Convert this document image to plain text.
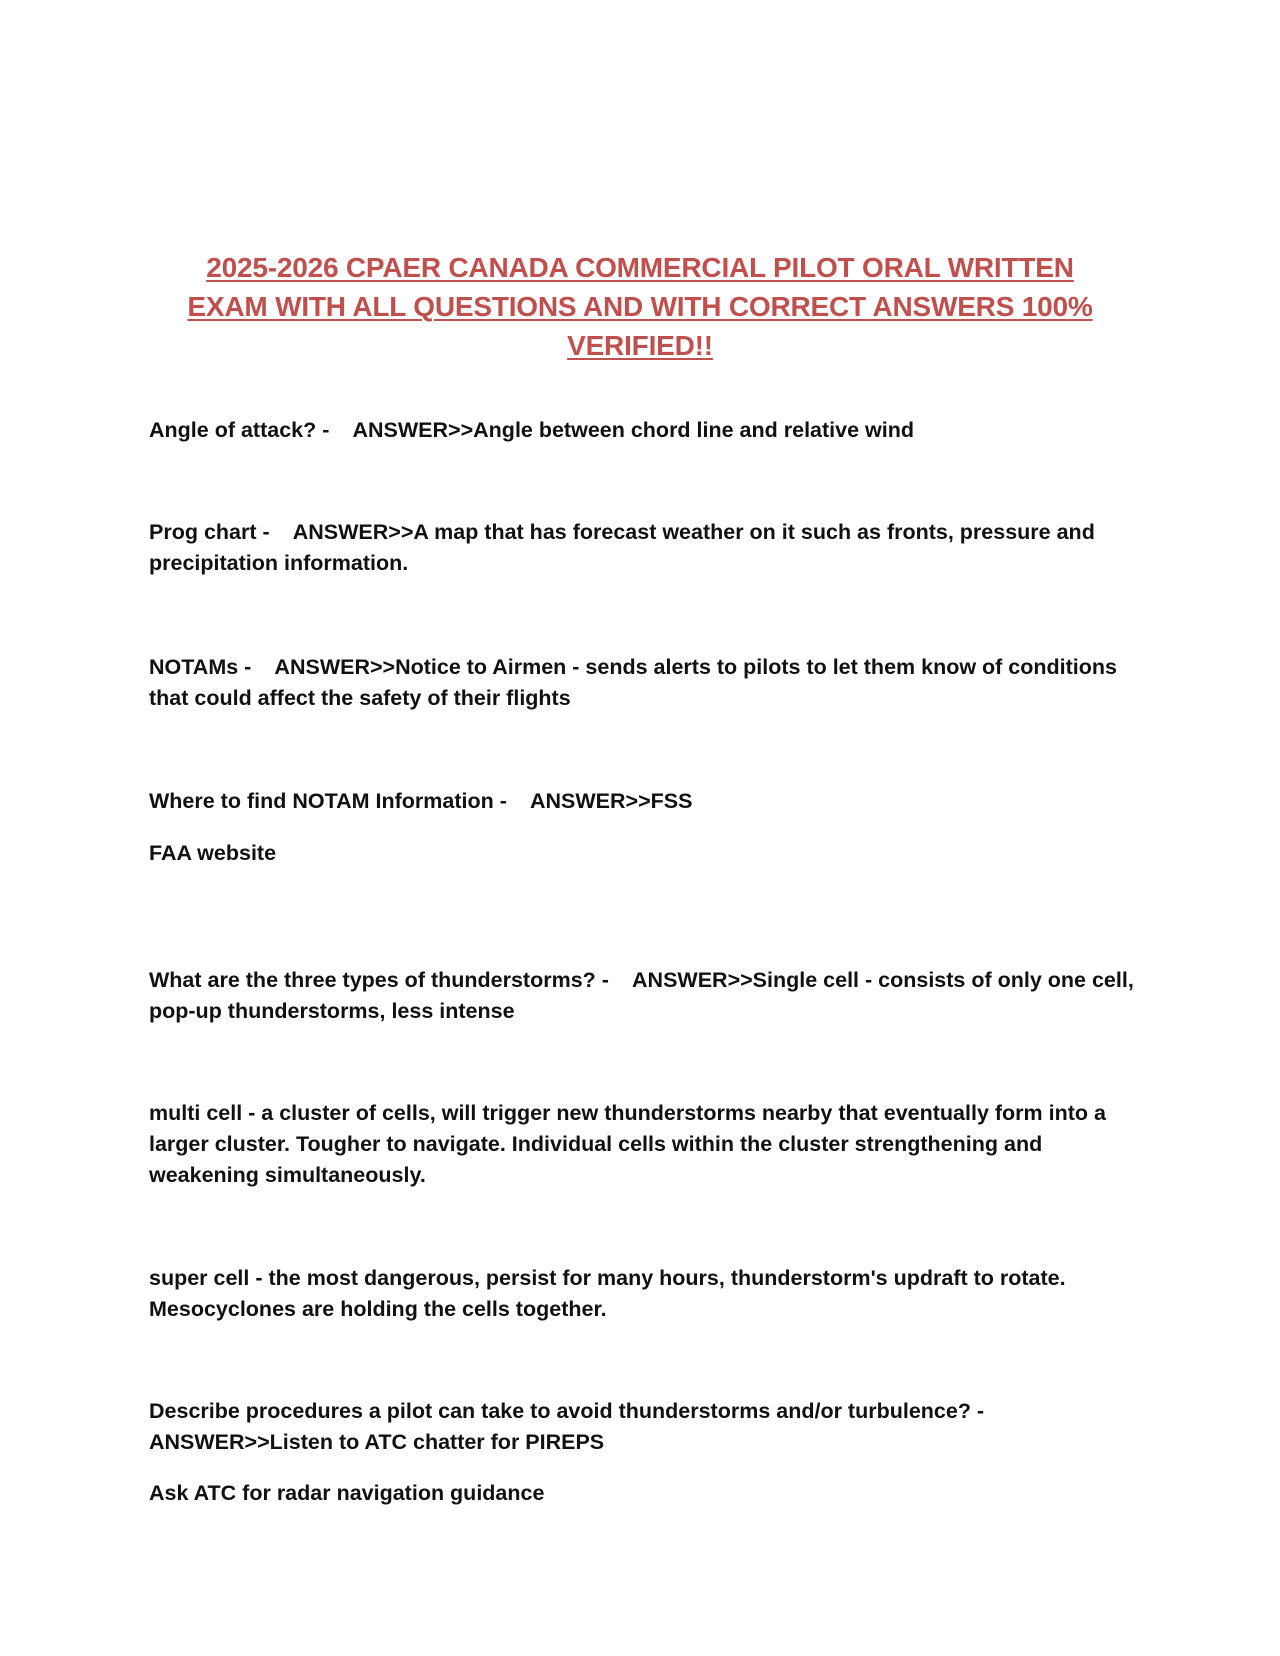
2025-2026 CPAER CANADA COMMERCIAL PILOT ORAL WRITTEN
EXAM WITH ALL QUESTIONS AND WITH CORRECT ANSWERS 100%
VERIFIED!!

Angle of attack? -    ANSWER>>Angle between chord line and relative wind

Prog chart -    ANSWER>>A map that has forecast weather on it such as fronts, pressure and precipitation information.

NOTAMs -    ANSWER>>Notice to Airmen - sends alerts to pilots to let them know of conditions that could affect the safety of their flights

Where to find NOTAM Information -    ANSWER>>FSS

FAA website

What are the three types of thunderstorms? -    ANSWER>>Single cell - consists of only one cell, pop-up thunderstorms, less intense

multi cell - a cluster of cells, will trigger new thunderstorms nearby that eventually form into a larger cluster. Tougher to navigate. Individual cells within the cluster strengthening and weakening simultaneously.

super cell - the most dangerous, persist for many hours, thunderstorm's updraft to rotate. Mesocyclones are holding the cells together.

Describe procedures a pilot can take to avoid thunderstorms and/or turbulence? - ANSWER>>Listen to ATC chatter for PIREPS

Ask ATC for radar navigation guidance
